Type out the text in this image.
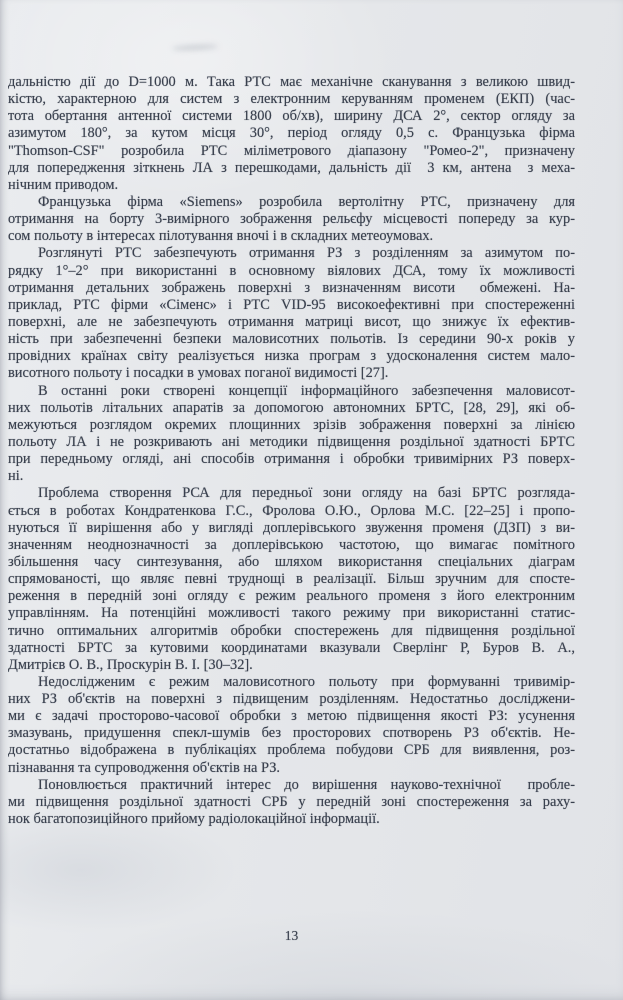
дальністю дії до D=1000 м. Така РТС має механічне сканування з великою швид-
кістю, характерною для систем з електронним керуванням променем (ЕКП) (час-
тота обертання антенної системи 1800 об/хв), ширину ДСА 2°, сектор огляду за
азимутом 180°, за кутом місця 30°, період огляду 0,5 с. Французька фірма
"Thomson-CSF" розробила РТС міліметрового діапазону "Ромео-2", призначену
для попередження зіткнень ЛА з перешкодами, дальність дії  3 км, антена  з меха-
нічним приводом.
Французька фірма «Siemens» розробила вертолітну РТС, призначену для
отримання на борту 3-вимірного зображення рельєфу місцевості попереду за кур-
сом польоту в інтересах пілотування вночі і в складних метеоумовах.
Розглянуті РТС забезпечують отримання РЗ з розділенням за азимутом по-
рядку 1°–2° при використанні в основному віялових ДСА, тому їх можливості
отримання детальних зображень поверхні з визначенням висоти  обмежені. На-
приклад, РТС фірми «Сіменс» і РТС VID-95 високоефективні при спостереженні
поверхні, але не забезпечують отримання матриці висот, що знижує їх ефектив-
ність при забезпеченні безпеки маловисотних польотів. Із середини 90-х років у
провідних країнах світу реалізується низка програм з удосконалення систем мало-
висотного польоту і посадки в умовах поганої видимості [27].
В останні роки створені концепції інформаційного забезпечення маловисот-
них польотів літальних апаратів за допомогою автономних БРТС, [28, 29], які об-
межуються розглядом окремих площинних зрізів зображення поверхні за лінією
польоту ЛА і не розкривають ані методики підвищення роздільної здатності БРТС
при передньому огляді, ані способів отримання і обробки тривимірних РЗ поверх-
ні.
Проблема створення РСА для передньої зони огляду на базі БРТС розгляда-
ється в роботах Кондратенкова Г.С., Фролова О.Ю., Орлова М.С. [22–25] і пропо-
нуються її вирішення або у вигляді доплерівського звуження променя (ДЗП) з ви-
значенням неоднозначності за доплерівською частотою, що вимагає помітного
збільшення часу синтезування, або шляхом використання спеціальних діаграм
спрямованості, що являє певні труднощі в реалізації. Більш зручним для спосте-
реження в передній зоні огляду є режим реального променя з його електронним
управлінням. На потенційні можливості такого режиму при використанні статис-
тично оптимальних алгоритмів обробки спостережень для підвищення роздільної
здатності БРТС за кутовими координатами вказували Сверлінг Р, Буров В. А.,
Дмитрієв О. В., Проскурін В. І. [30–32].
Недослідженим є режим маловисотного польоту при формуванні тривимір-
них РЗ об'єктів на поверхні з підвищеним розділенням. Недостатньо досліджени-
ми є задачі просторово-часової обробки з метою підвищення якості РЗ: усунення
змазувань, придушення спекл-шумів без просторових спотворень РЗ об'єктів. Не-
достатньо відображена в публікаціях проблема побудови СРБ для виявлення, роз-
пізнавання та супроводження об'єктів на РЗ.
Поновлюється практичний інтерес до вирішення науково-технічної  пробле-
ми підвищення роздільної здатності СРБ у передній зоні спостереження за раху-
нок багатопозиційного прийому радіолокаційної інформації.
13
